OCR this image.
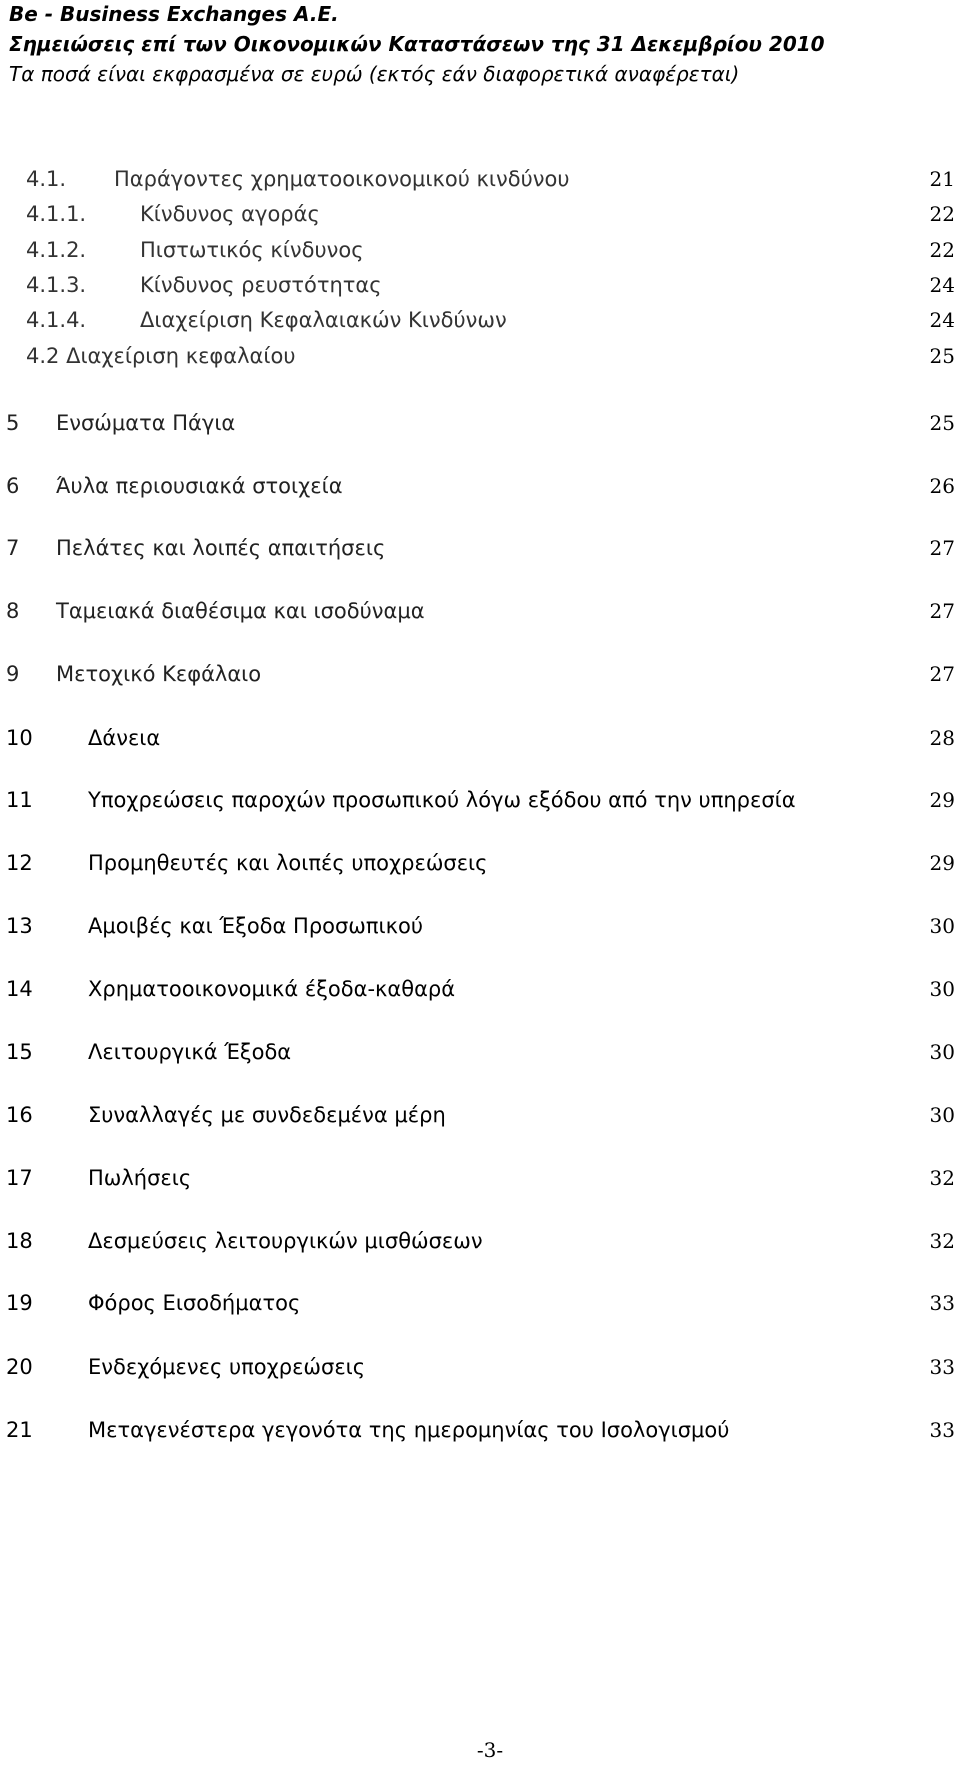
Be - Business Exchanges A.E.
Σημειώσεις επί των Οικονομικών Καταστάσεων της 31 Δεκεμβρίου 2010
Τα ποσά είναι εκφρασμένα σε ευρώ (εκτός εάν διαφορετικά αναφέρεται)
4.1. Παράγοντες χρηματοοικονομικού κινδύνου	21
4.1.1.	Κίνδυνος αγοράς	22
4.1.2.	Πιστωτικός κίνδυνος	22
4.1.3.	Κίνδυνος ρευστότητας	24
4.1.4.	Διαχείριση Κεφαλαιακών Κινδύνων	24
4.2 Διαχείριση κεφαλαίου	25
5 Ενσώματα Πάγια	25
6 Άυλα περιουσιακά στοιχεία	26
7 Πελάτες και λοιπές απαιτήσεις	27
8 Ταμειακά διαθέσιμα και ισοδύναμα	27
9 Μετοχικό Κεφάλαιο	27
10	Δάνεια	28
11	Υποχρεώσεις παροχών προσωπικού λόγω εξόδου από την υπηρεσία	29
12	Προμηθευτές και λοιπές υποχρεώσεις	29
13	Αμοιβές και Έξοδα Προσωπικού	30
14	Χρηματοοικονομικά έξοδα-καθαρά	30
15	Λειτουργικά Έξοδα	30
16	Συναλλαγές με συνδεδεμένα μέρη	30
17	Πωλήσεις	32
18	Δεσμεύσεις λειτουργικών μισθώσεων	32
19	Φόρος Εισοδήματος	33
20	Ενδεχόμενες υποχρεώσεις	33
21	Μεταγενέστερα γεγονότα της ημερομηνίας του Ισολογισμού	33
-3-
